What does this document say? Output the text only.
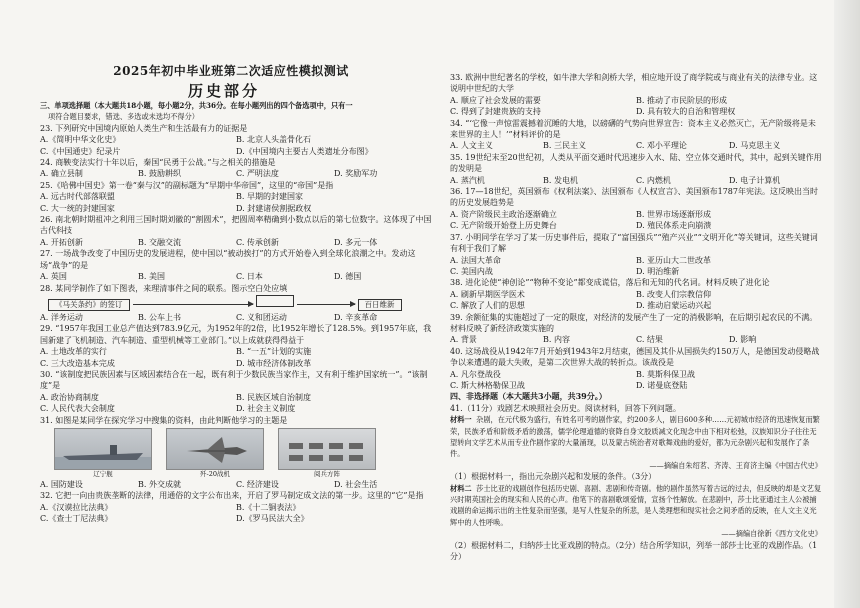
2025年初中毕业班第二次适应性模拟测试
历史部分
三、单项选择题（本大题共18小题，每小题2分，共36分。在每小题列出的四个备选项中，只有一
项符合题目要求，错选、多选或未选均不得分）

23. 下列研究中国境内原始人类生产和生活最有力的证据是

A.《简明中华文化史》	B. 北京人头盖骨化石
C.《中国通史》纪录片	D.《中国境内主要古人类遗址分布图》

24. 商鞅变法实行十年以后，秦国“民勇于公战。”与之相关的措施是

A. 确立县制	B. 鼓励耕织	C. 严明法度	D. 奖励军功

25.《哈佛中国史》第一卷“秦与汉”的副标题为“早期中华帝国”，这里的“帝国”是指

A. 远古时代部落联盟	B. 早期的封建国家
C. 大一统的封建国家	D. 封建诸侯割据政权

26. 南北朝时期祖冲之利用三国时期刘徽的“割圆术”，把圆周率精确到小数点以后的第七位数字。这体现了中国古代科技

A. 开拓创新	B. 交融交流	C. 传承创新	D. 多元一体

27. 一场战争改变了中国历史的发展进程，使中国以“被动挨打”的方式开始卷入到全球化浪潮之中。发动这场“战争”的是

A. 英国	B. 美国	C. 日本	D. 德国

28. 某同学制作了如下图表，来理清事件之间的联系。图示空白处应填

《马关条约》的签订	百日维新
A. 洋务运动	B. 公车上书	C. 义和团运动	D. 辛亥革命

29. “1957年我国工业总产值达到783.9亿元，为1952年的2倍，比1952年增长了128.5%。到1957年底，我国新建了飞机制造、汽车制造、重型机械等工业部门。”以上成就获得得益于

A. 土地改革的实行	B. “一五”计划的实施
C. 三大改造基本完成	D. 城市经济体制改革

30. “该制度把民族因素与区域因素结合在一起，既有利于少数民族当家作主，又有利于维护国家统一”。“该制度”是

A. 政治协商制度	B. 民族区域自治制度
C. 人民代表大会制度	D. 社会主义制度

31. 如图是某同学在探究学习中搜集的资料，由此判断他学习的主题是

辽宁舰	歼-20战机	阅兵方阵
A. 国防建设	B. 外交成就	C. 经济建设	D. 社会生活

32. 它把一向由贵族垄断的法律，用通俗的文字公布出来，开启了罗马制定成文法的第一步。这里的“它”是指

A.《汉谟拉比法典》	B.《十二铜表法》
C.《查士丁尼法典》	D.《罗马民法大全》

33. 欧洲中世纪著名的学校，如牛津大学和剑桥大学，相应地开设了商学院或与商业有关的法律专业。这说明中世纪的大学

A. 顺应了社会发展的需要	B. 推动了市民阶层的形成
C. 得到了封建贵族的支持	D. 具有较大的自治和管理权

34. “‘它像一声惊雷震撼着沉睡的大地，以磅礴的气势向世界宣告：资本主义必然灭亡，无产阶级将是未来世界的主人！’”材料评价的是

A. 人文主义	B. 三民主义	C. 邓小平理论	D. 马克思主义

35. 19世纪末至20世纪初，人类从平面交通时代迅速步入水、陆、空立体交通时代，其中，起到关键作用的发明是

A. 蒸汽机	B. 发电机	C. 内燃机	D. 电子计算机

36. 17—18世纪，英国颁布《权利法案》、法国颁布《人权宣言》、美国颁布1787年宪法。这反映出当时的历史发展趋势是

A. 资产阶级民主政治逐渐确立	B. 世界市场逐渐形成
C. 无产阶级开始登上历史舞台	D. 殖民体系走向崩溃

37. 小明同学在学习了某一历史事件后，提取了“富国强兵”“殖产兴业”“文明开化”等关键词，这些关键词有利于我们了解

A. 法国大革命	B. 亚历山大二世改革
C. 美国内战	D. 明治维新

38. 进化论使“神创论”“物种不变论”都变成谎信，落后和无知的代名词。材料反映了进化论

A. 刷新早期医学医术	B. 改变人们宗教信仰
C. 解放了人们的思想	D. 推动启蒙运动兴起

39. 余额征集的实施超过了一定的限度，对经济的发展产生了一定的消极影响，在后期引起农民的不满。材料反映了新经济政策实施的

A. 背景	B. 内容	C. 结果	D. 影响

40. 这场战役从1942年7月开始到1943年2月结束，德国及其仆从国损失约150万人，是德国发动侵略战争以来遭遇的最大失败，是第二次世界大战的转折点。该战役是

A. 凡尔登战役	B. 莫斯科保卫战
C. 斯大林格勒保卫战	D. 诺曼底登陆

四、非选择题（本大题共3小题，共39分。）

41.（11分）戏剧艺术映照社会历史。阅读材料，回答下列问题。

材料一 杂剧，在元代极为盛行，有姓名可考的剧作家，约200多人，剧目600多种……元初城市经济的迅速恢复而繁荣，民族矛盾和阶级矛盾的激荡，儒学伦理道德的衰降自身文胶质减文化现念中由下相对松弛，汉族知识分子往往无望转向文学艺术从而专业作剧作家的大量涌现，以及蒙古统治者对歌舞戏曲的爱好，都为元杂剧兴起和发展作了条件。

——摘编自朱绍茗、齐涛、王育济主编《中国古代史》

（1）根据材料一，指出元杂剧兴起和发展的条件。（3分）

材料二 莎士比亚的戏剧创作包括历史剧、喜剧、悲剧和传奇剧。他的剧作虽然写着古远的过去，但反映的却是文艺复兴时期英国社会的现实和人民的心声。他笔下的喜剧歌颂爱情，宣扬个性解放。在悲剧中，莎士比亚通过主人公被捕戏剧的命运揭示出的主性复杂而坚强，是写人性复杂的所悲，是人类理想和现实社会之间矛盾的反映，在人文主义光辉中的人性呼唤。

——摘编自徐新《西方文化史》

（2）根据材料二，归纳莎士比亚戏剧的特点。（2分）结合所学知识，列举一部莎士比亚的戏剧作品。（1分）
